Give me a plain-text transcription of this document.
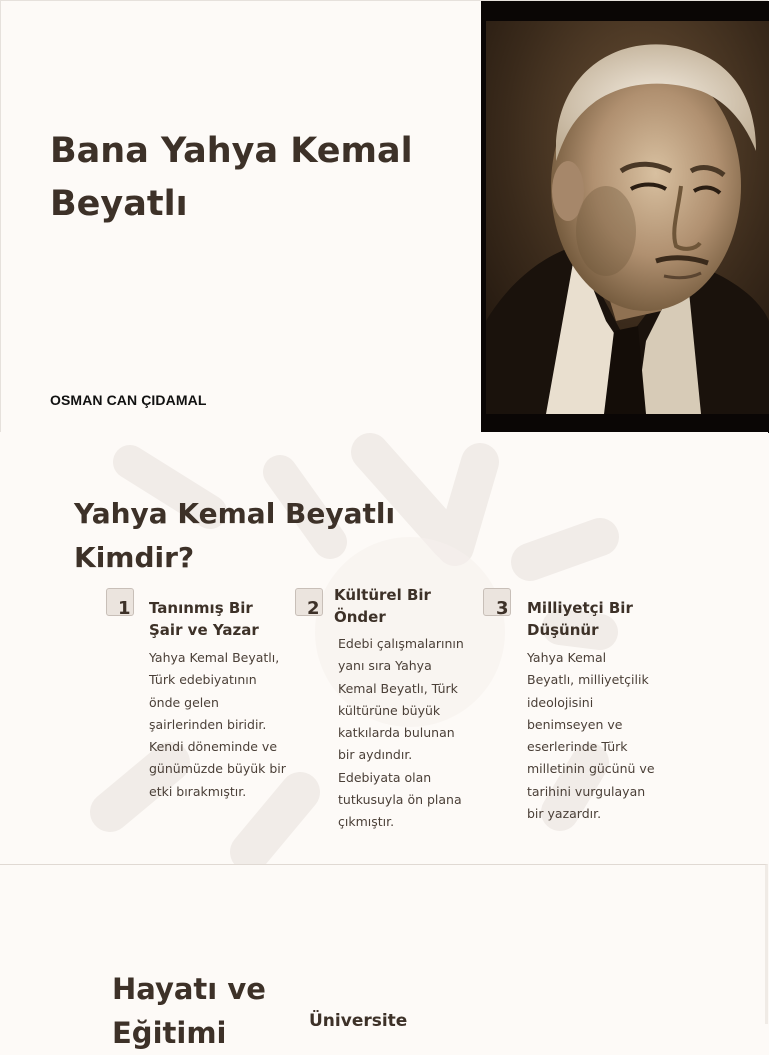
Bana Yahya Kemal Beyatlı
OSMAN CAN ÇIDAMAL
Yahya Kemal Beyatlı Kimdir?
1 Tanınmış Bir Şair ve Yazar
Yahya Kemal Beyatlı, Türk edebiyatının önde gelen şairlerinden biridir. Kendi döneminde ve günümüzde büyük bir etki bırakmıştır.
2
Kültürel Bir Önder
Edebi çalışmalarının yanı sıra Yahya Kemal Beyatlı, Türk kültürüne büyük katkılarda bulunan bir aydındır. Edebiyata olan tutkusuyla ön plana çıkmıştır.
3 Milliyetçi Bir Düşünür
Yahya Kemal Beyatlı, milliyetçilik ideolojisini benimseyen ve eserlerinde Türk milletinin gücünü ve tarihini vurgulayan bir yazardır.
Hayatı ve Eğitimi	Üniversite
